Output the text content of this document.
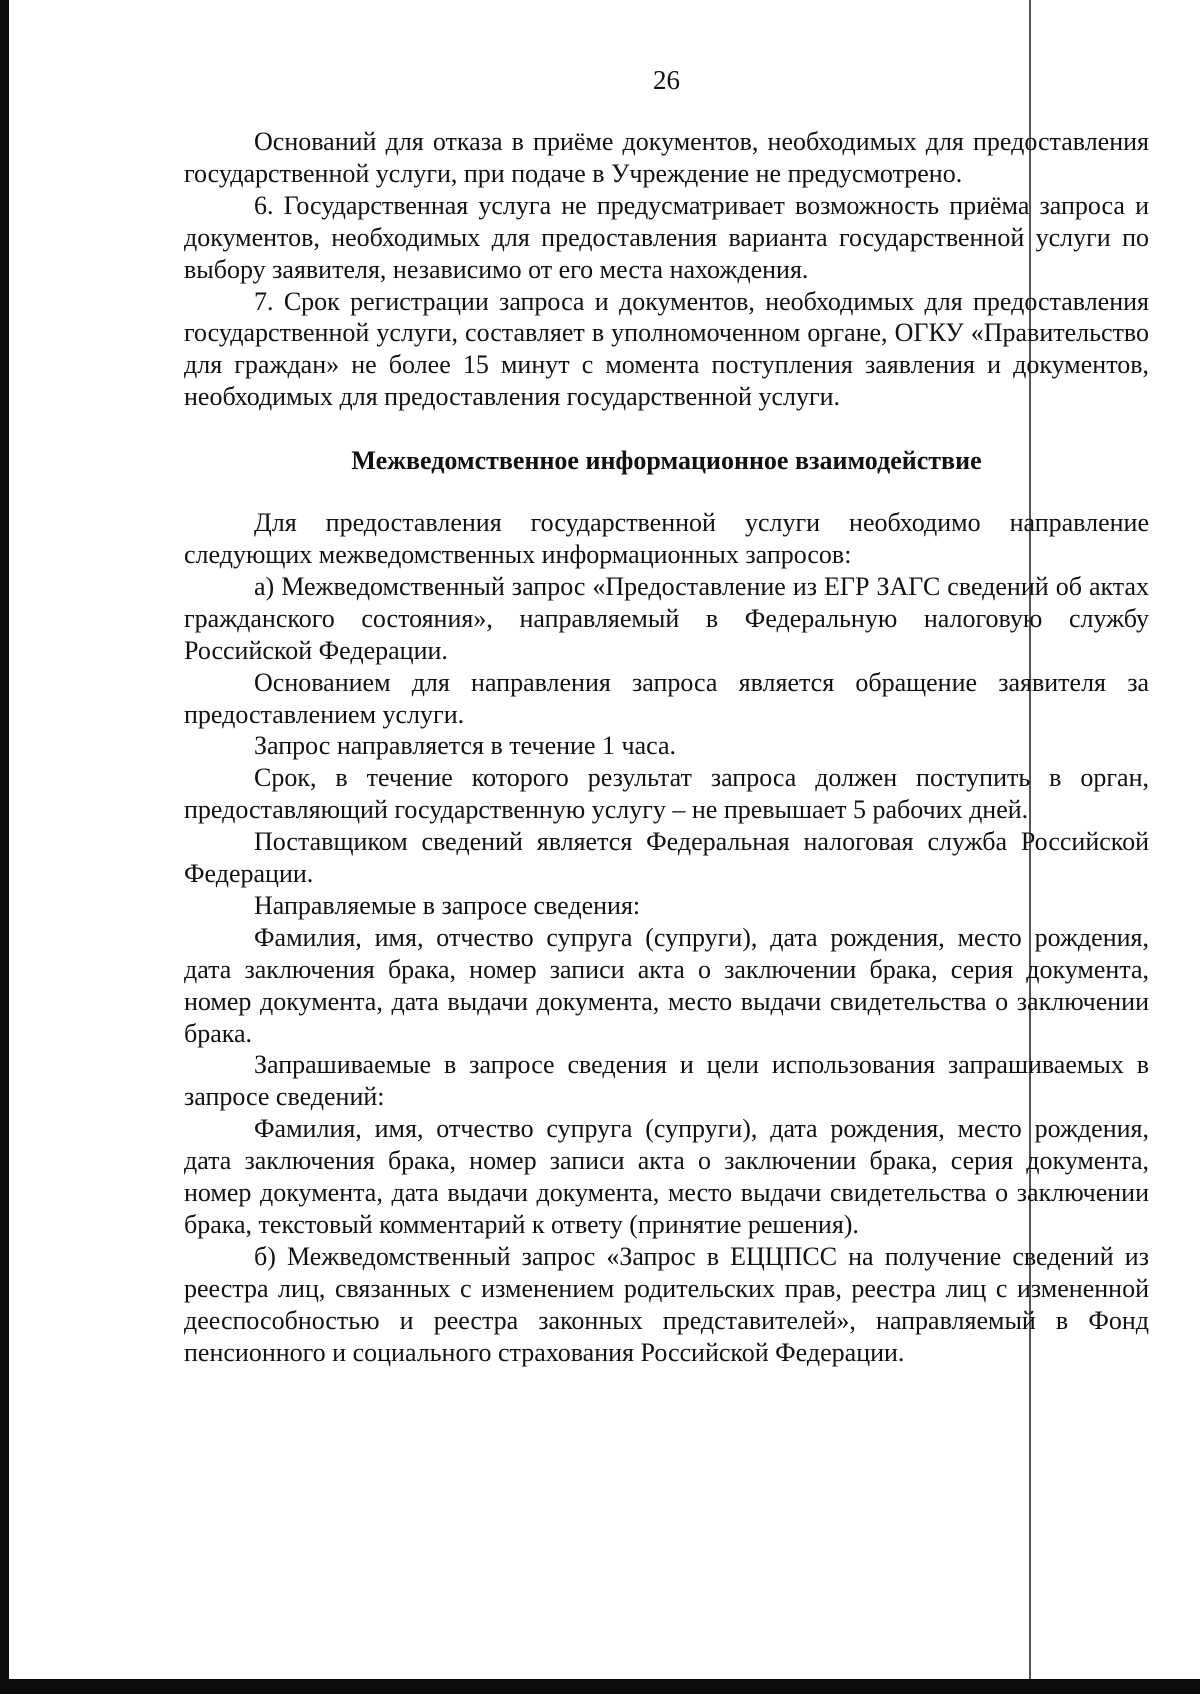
26

Оснований для отказа в приёме документов, необходимых для предоставления государственной услуги, при подаче в Учреждение не предусмотрено.

6. Государственная услуга не предусматривает возможность приёма запроса и документов, необходимых для предоставления варианта государственной услуги по выбору заявителя, независимо от его места нахождения.

7. Срок регистрации запроса и документов, необходимых для предоставления государственной услуги, составляет в уполномоченном органе, ОГКУ «Правительство для граждан» не более 15 минут с момента поступления заявления и документов, необходимых для предоставления государственной услуги.

Межведомственное информационное взаимодействие

Для предоставления государственной услуги необходимо направление следующих межведомственных информационных запросов:

а) Межведомственный запрос «Предоставление из ЕГР ЗАГС сведений об актах гражданского состояния», направляемый в Федеральную налоговую службу Российской Федерации.

Основанием для направления запроса является обращение заявителя за предоставлением услуги.

Запрос направляется в течение 1 часа.

Срок, в течение которого результат запроса должен поступить в орган, предоставляющий государственную услугу – не превышает 5 рабочих дней.

Поставщиком сведений является Федеральная налоговая служба Российской Федерации.

Направляемые в запросе сведения:

Фамилия, имя, отчество супруга (супруги), дата рождения, место рождения, дата заключения брака, номер записи акта о заключении брака, серия документа, номер документа, дата выдачи документа, место выдачи свидетельства о заключении брака.

Запрашиваемые в запросе сведения и цели использования запрашиваемых в запросе сведений:

Фамилия, имя, отчество супруга (супруги), дата рождения, место рождения, дата заключения брака, номер записи акта о заключении брака, серия документа, номер документа, дата выдачи документа, место выдачи свидетельства о заключении брака, текстовый комментарий к ответу (принятие решения).

б) Межведомственный запрос «Запрос в ЕЦЦПСС на получение сведений из реестра лиц, связанных с изменением родительских прав, реестра лиц с измененной дееспособностью и реестра законных представителей», направляемый в Фонд пенсионного и социального страхования Российской Федерации.
